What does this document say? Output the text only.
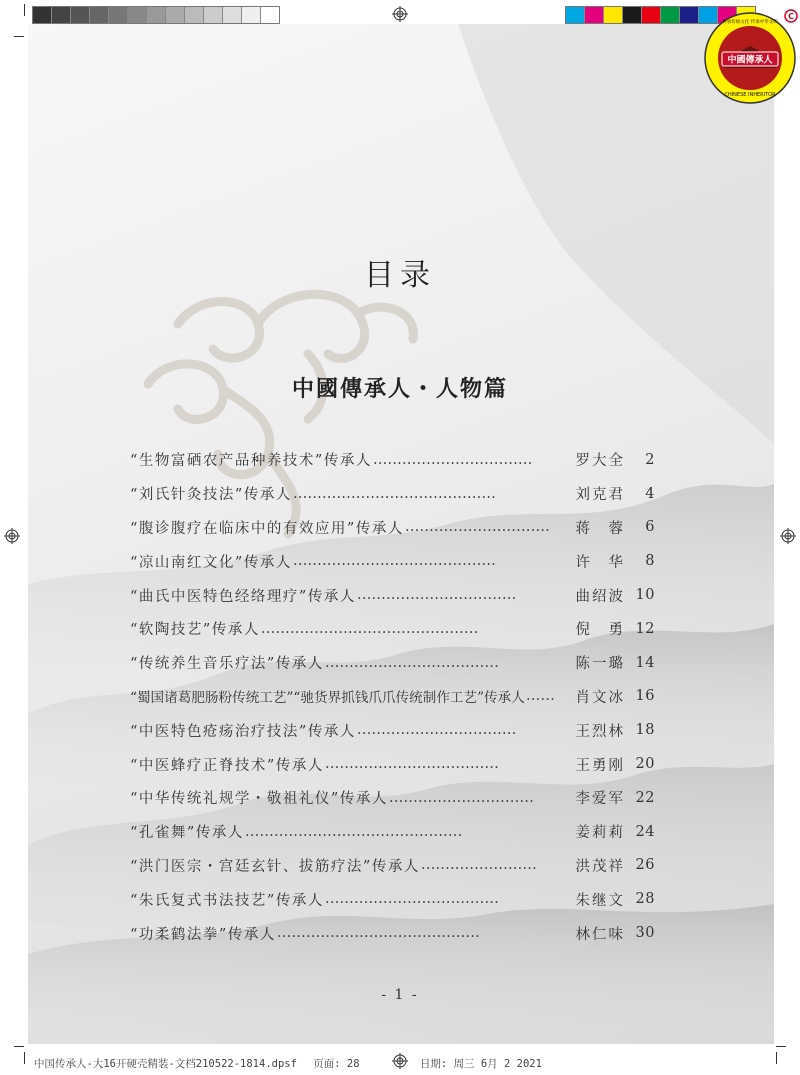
中國傳承人
CHINESE INHERITOR
传承传统文化 传承中华文明
C
目录
中國傳承人・人物篇
“生物富硒农产品种养技术”传承人 ……………………………	罗大全	2
“刘氏针灸技法”传承人 ……………………………………	刘克君	4
“腹诊腹疗在临床中的有效应用”传承人 …………………………	蒋　蓉	6
“凉山南红文化”传承人 ……………………………………	许　华	8
“曲氏中医特色经络理疗”传承人 ……………………………	曲绍波 10
“软陶技艺”传承人 ………………………………………	倪　勇 12
“传统养生音乐疗法”传承人 ………………………………	陈一璐 14
“蜀国诸葛肥肠粉传统工艺”“驰货界抓钱爪爪传统制作工艺”传承人 ……	肖文冰 16
“中医特色疮疡治疗技法”传承人 ……………………………	王烈林 18
“中医蜂疗正脊技术”传承人 ………………………………	王勇刚 20
“中华传统礼规学・敬祖礼仪”传承人 …………………………	李爱军 22
“孔雀舞”传承人 ………………………………………	姜莉莉 24
“洪门医宗・宫廷玄针、拔筋疗法”传承人 ……………………	洪茂祥 26
“朱氏复式书法技艺”传承人 ………………………………	朱继文 28
“功柔鹤法拳”传承人 ……………………………………	林仁味 30
- 1 -
中国传承人-大16开硬壳精装-文档210522-1814.dpsf 页面: 28	日期: 周三 6月 2 2021
